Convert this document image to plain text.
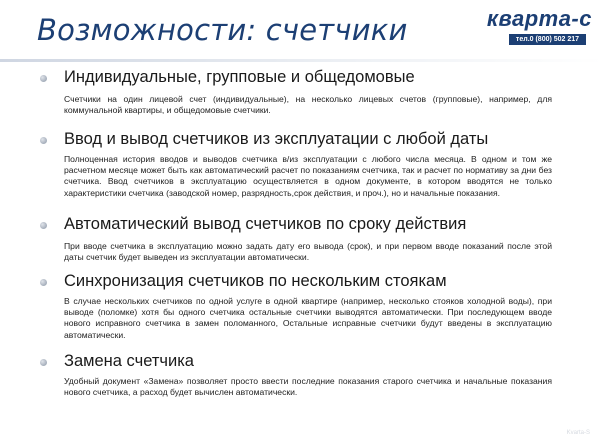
Возможности: счетчики	кварта-с
тел.0 (800) 502 217
Индивидуальные, групповые и общедомовые
Счетчики на один лицевой счет (индивидуальные), на несколько лицевых счетов (групповые), например, для коммунальной квартиры, и общедомовые счетчики.
Ввод и вывод счетчиков из эксплуатации с любой даты
Полноценная история вводов и выводов счетчика в/из эксплуатации с любого числа месяца. В одном и том же расчетном месяце может быть как автоматический расчет по показаниям счетчика, так и расчет по нормативу за дни без счетчика. Ввод счетчиков в эксплуатацию осуществляется в одном документе, в котором вводятся не только характеристики счетчика (заводской номер, разрядность,срок действия, и проч.), но и начальные показания.
Автоматический вывод счетчиков по сроку действия
При вводе счетчика в эксплуатацию можно задать дату его вывода (срок), и при первом вводе показаний после этой даты счетчик будет выведен из эксплуатации автоматически.
Синхронизация счетчиков по нескольким стоякам
В случае нескольких счетчиков по одной услуге в одной квартире (например, несколько стояков холодной воды), при выводе (поломке) хотя бы одного счетчика остальные счетчики выводятся автоматически. При последующем вводе нового исправного счетчика в замен поломанного, Остальные исправные счетчики будут введены в эксплуатацию автоматически.
Замена счетчика
Удобный документ «Замена» позволяет просто ввести последние показания старого счетчика и начальные показания нового счетчика, а расход будет вычислен автоматически.
Kvarta-S
